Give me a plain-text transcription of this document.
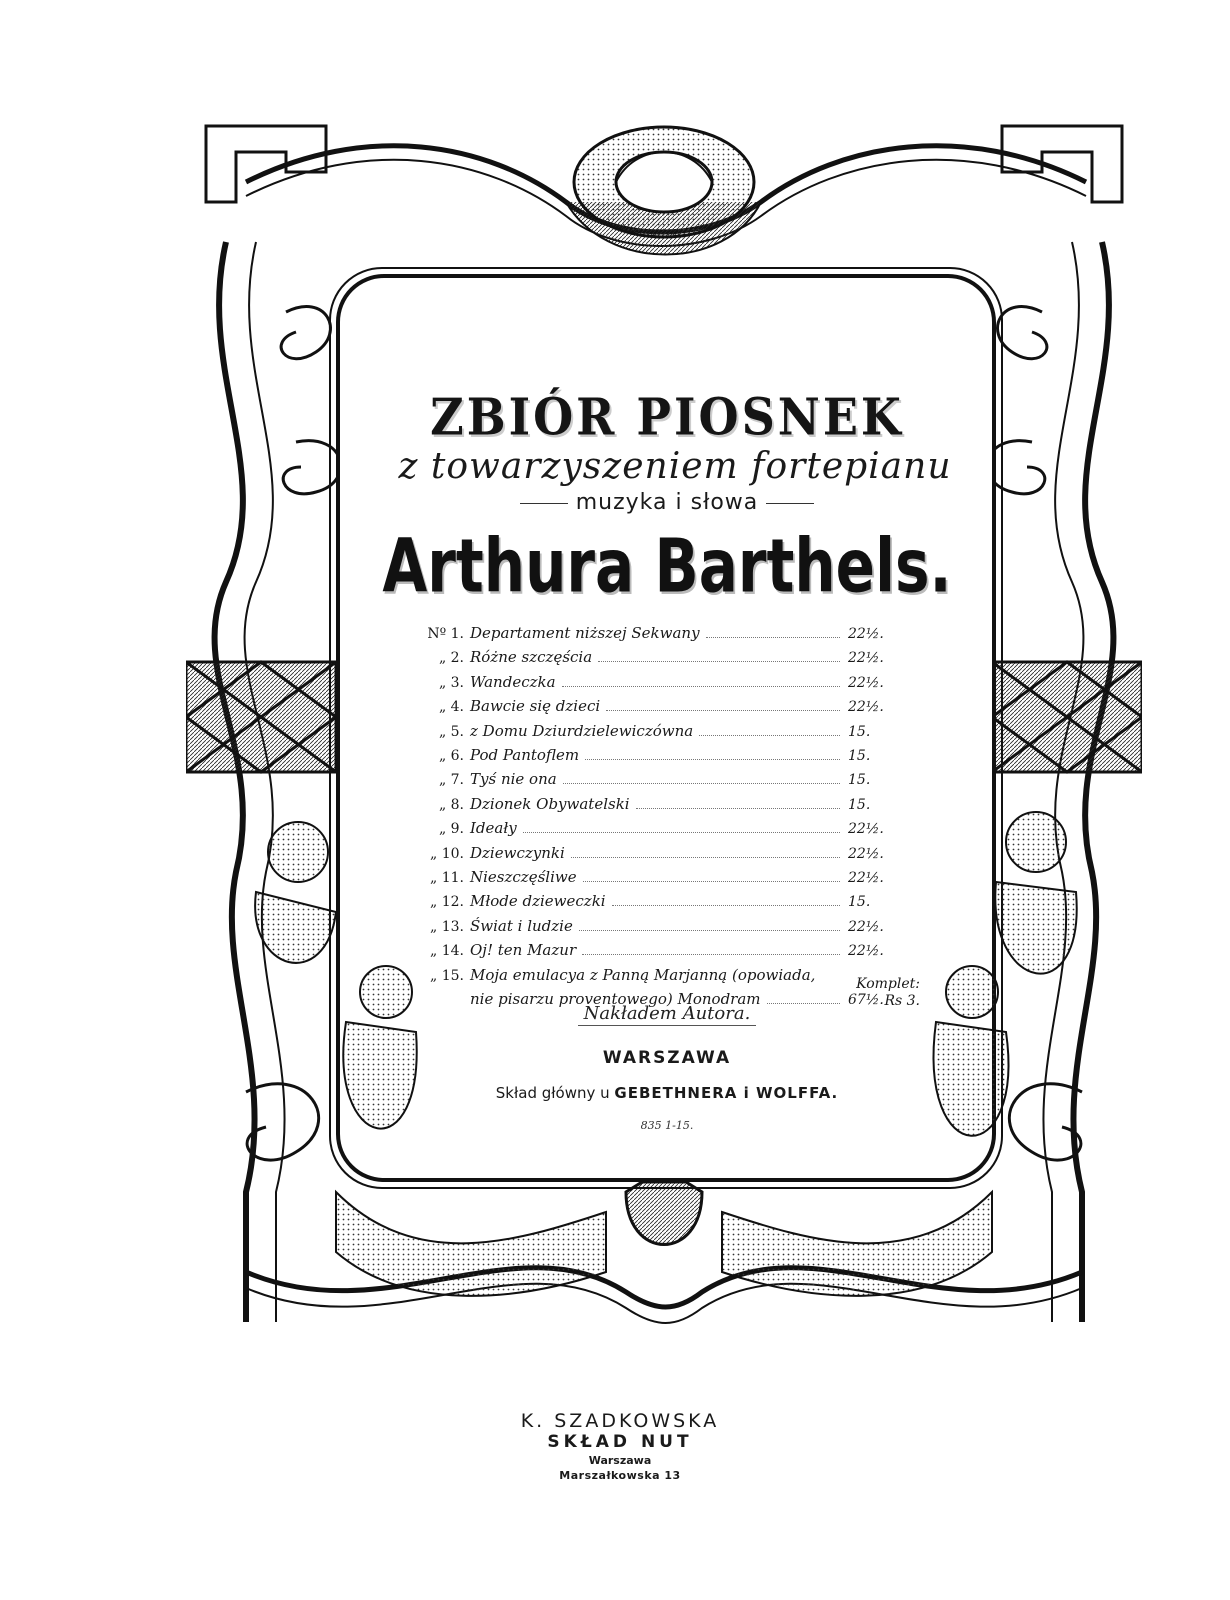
ZBIÓR PIOSNEK
z towarzyszeniem fortepianu
muzyka i słowa
Arthura Barthels.
Nº 1. Departament niższej Sekwany	22½.
„ 2. Różne szczęścia	22½.
„ 3. Wandeczka	22½.
„ 4. Bawcie się dzieci	22½.
„ 5. z Domu Dziurdzielewiczówna	15.
„ 6. Pod Pantoflem	15.
„ 7. Tyś nie ona	15.
„ 8. Dzionek Obywatelski	15.
„ 9. Ideały	22½.
„ 10. Dziewczynki	22½.
„ 11. Nieszczęśliwe	22½.
„ 12. Młode dzieweczki	15.
„ 13. Świat i ludzie	22½.
„ 14. Oj! ten Mazur	22½.
„ 15. Moja emulacya z Panną Marjanną (opowiada,
nie pisarzu proventowego) Monodram	67½.
Komplet:
Rs 3.
Nakładem Autora.
WARSZAWA
Skład główny u GEBETHNERA i WOLFFA.
835 1-15.
K. SZADKOWSKA
SKŁAD NUT
Warszawa
Marszałkowska 13
